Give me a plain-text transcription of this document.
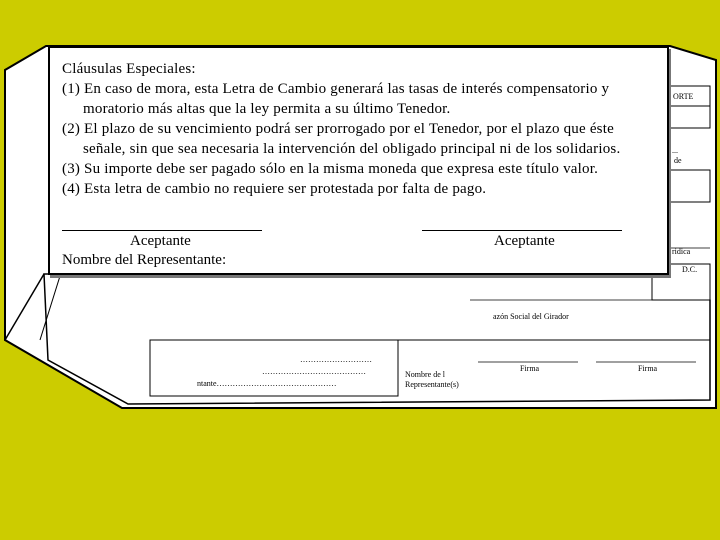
ORTE
...
de
ridica
D.C.
azón Social del Girador
Firma	Firma
………………………
…………………………………
ntante………………………………………
Nombre de l
Representante(s)
Cláusulas Especiales:
(1) En caso de mora, esta Letra de Cambio generará las tasas de interés compensatorio y
moratorio más altas que la ley permita a su último Tenedor.
(2) El plazo de su vencimiento podrá ser prorrogado por el Tenedor, por el plazo que éste
señale, sin que sea necesaria la intervención del obligado principal ni de los solidarios.
(3) Su importe debe ser pagado sólo en la misma moneda que expresa este título valor.
(4) Esta letra de cambio no requiere ser protestada por falta de pago.
Aceptante	Aceptante
Nombre del Representante:
